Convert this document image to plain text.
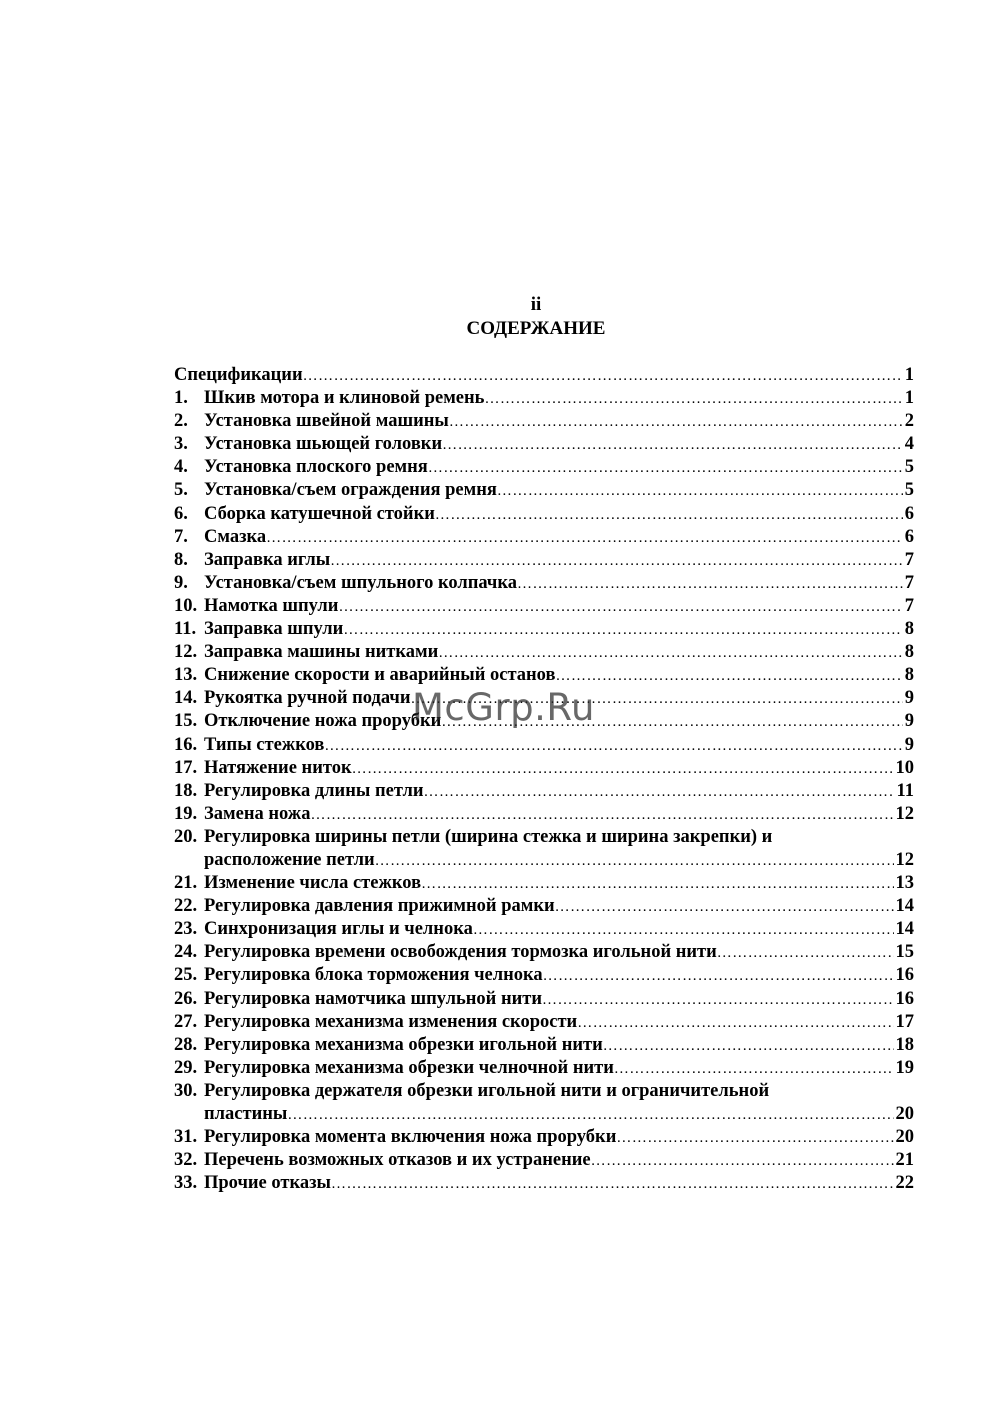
ii
СОДЕРЖАНИЕ
Спецификации ……………………………………………………………………………………………………………………………………………………………………………………………………………………	1
1. Шкив мотора и клиновой ремень ……………………………………………………………………………………………………………………………………………………………………………………………………………………	1
2. Установка швейной машины ……………………………………………………………………………………………………………………………………………………………………………………………………………………	2
3. Установка шьющей головки ……………………………………………………………………………………………………………………………………………………………………………………………………………………	4
4. Установка плоского ремня ……………………………………………………………………………………………………………………………………………………………………………………………………………………	5
5. Установка/съем ограждения ремня ……………………………………………………………………………………………………………………………………………………………………………………………………………………	5
6. Сборка катушечной стойки ……………………………………………………………………………………………………………………………………………………………………………………………………………………	6
7. Смазка ……………………………………………………………………………………………………………………………………………………………………………………………………………………	6
8. Заправка иглы ……………………………………………………………………………………………………………………………………………………………………………………………………………………	7
9. Установка/съем шпульного колпачка ……………………………………………………………………………………………………………………………………………………………………………………………………………………	7
10. Намотка шпули ……………………………………………………………………………………………………………………………………………………………………………………………………………………	7
11. Заправка шпули ……………………………………………………………………………………………………………………………………………………………………………………………………………………	8
12. Заправка машины нитками ……………………………………………………………………………………………………………………………………………………………………………………………………………………	8
13. Снижение скорости и аварийный останов ……………………………………………………………………………………………………………………………………………………………………………………………………………………	8
14. Рукоятка ручной подачи ……………………………………………………………………………………………………………………………………………………………………………………………………………………	9
15. Отключение ножа прорубки ……………………………………………………………………………………………………………………………………………………………………………………………………………………	9
16. Типы стежков ……………………………………………………………………………………………………………………………………………………………………………………………………………………	9
17. Натяжение ниток ……………………………………………………………………………………………………………………………………………………………………………………………………………………	10
18. Регулировка длины петли ……………………………………………………………………………………………………………………………………………………………………………………………………………………	11
19. Замена ножа ……………………………………………………………………………………………………………………………………………………………………………………………………………………	12
20. Регулировка ширины петли (ширина стежка и ширина закрепки) и
расположение петли ……………………………………………………………………………………………………………………………………………………………………………………………………………………	12
21. Изменение числа стежков ……………………………………………………………………………………………………………………………………………………………………………………………………………………	13
22. Регулировка давления прижимной рамки ……………………………………………………………………………………………………………………………………………………………………………………………………………………	14
23. Синхронизация иглы и челнока ……………………………………………………………………………………………………………………………………………………………………………………………………………………	14
24. Регулировка времени освобождения тормозка игольной нити ……………………………………………………………………………………………………………………………………………………………………………………………………………………	15
25. Регулировка блока торможения челнока ……………………………………………………………………………………………………………………………………………………………………………………………………………………	16
26. Регулировка намотчика шпульной нити ……………………………………………………………………………………………………………………………………………………………………………………………………………………	16
27. Регулировка механизма изменения скорости ……………………………………………………………………………………………………………………………………………………………………………………………………………………	17
28. Регулировка механизма обрезки игольной нити ……………………………………………………………………………………………………………………………………………………………………………………………………………………	18
29. Регулировка механизма обрезки челночной нити ……………………………………………………………………………………………………………………………………………………………………………………………………………………	19
30. Регулировка держателя обрезки игольной нити и ограничительной
пластины ……………………………………………………………………………………………………………………………………………………………………………………………………………………	20
31. Регулировка момента включения ножа прорубки ……………………………………………………………………………………………………………………………………………………………………………………………………………………	20
32. Перечень возможных отказов и их устранение ……………………………………………………………………………………………………………………………………………………………………………………………………………………	21
33. Прочие отказы ……………………………………………………………………………………………………………………………………………………………………………………………………………………	22
McGrp.Ru
